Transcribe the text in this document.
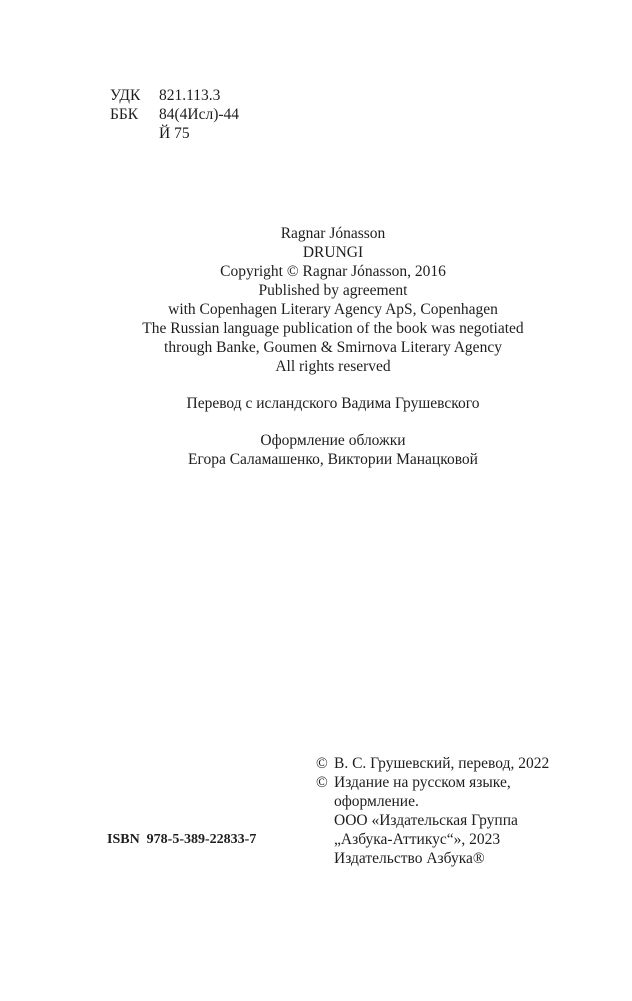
УДК 821.113.3
ББК 84(4Исл)-44
Й 75
Ragnar Jónasson
DRUNGI
Copyright © Ragnar Jónasson, 2016
Published by agreement
with Copenhagen Literary Agency ApS, Copenhagen
The Russian language publication of the book was negotiated
through Banke, Goumen & Smirnova Literary Agency
All rights reserved
Перевод с исландского Вадима Грушевского
Оформление обложки
Егора Саламашенко, Виктории Манацковой
© В. С. Грушевский, перевод, 2022
© Издание на русском языке,
оформление.
ООО «Издательская Группа
„Азбука-Аттикус“», 2023
Издательство Азбука®
ISBN  978-5-389-22833-7
